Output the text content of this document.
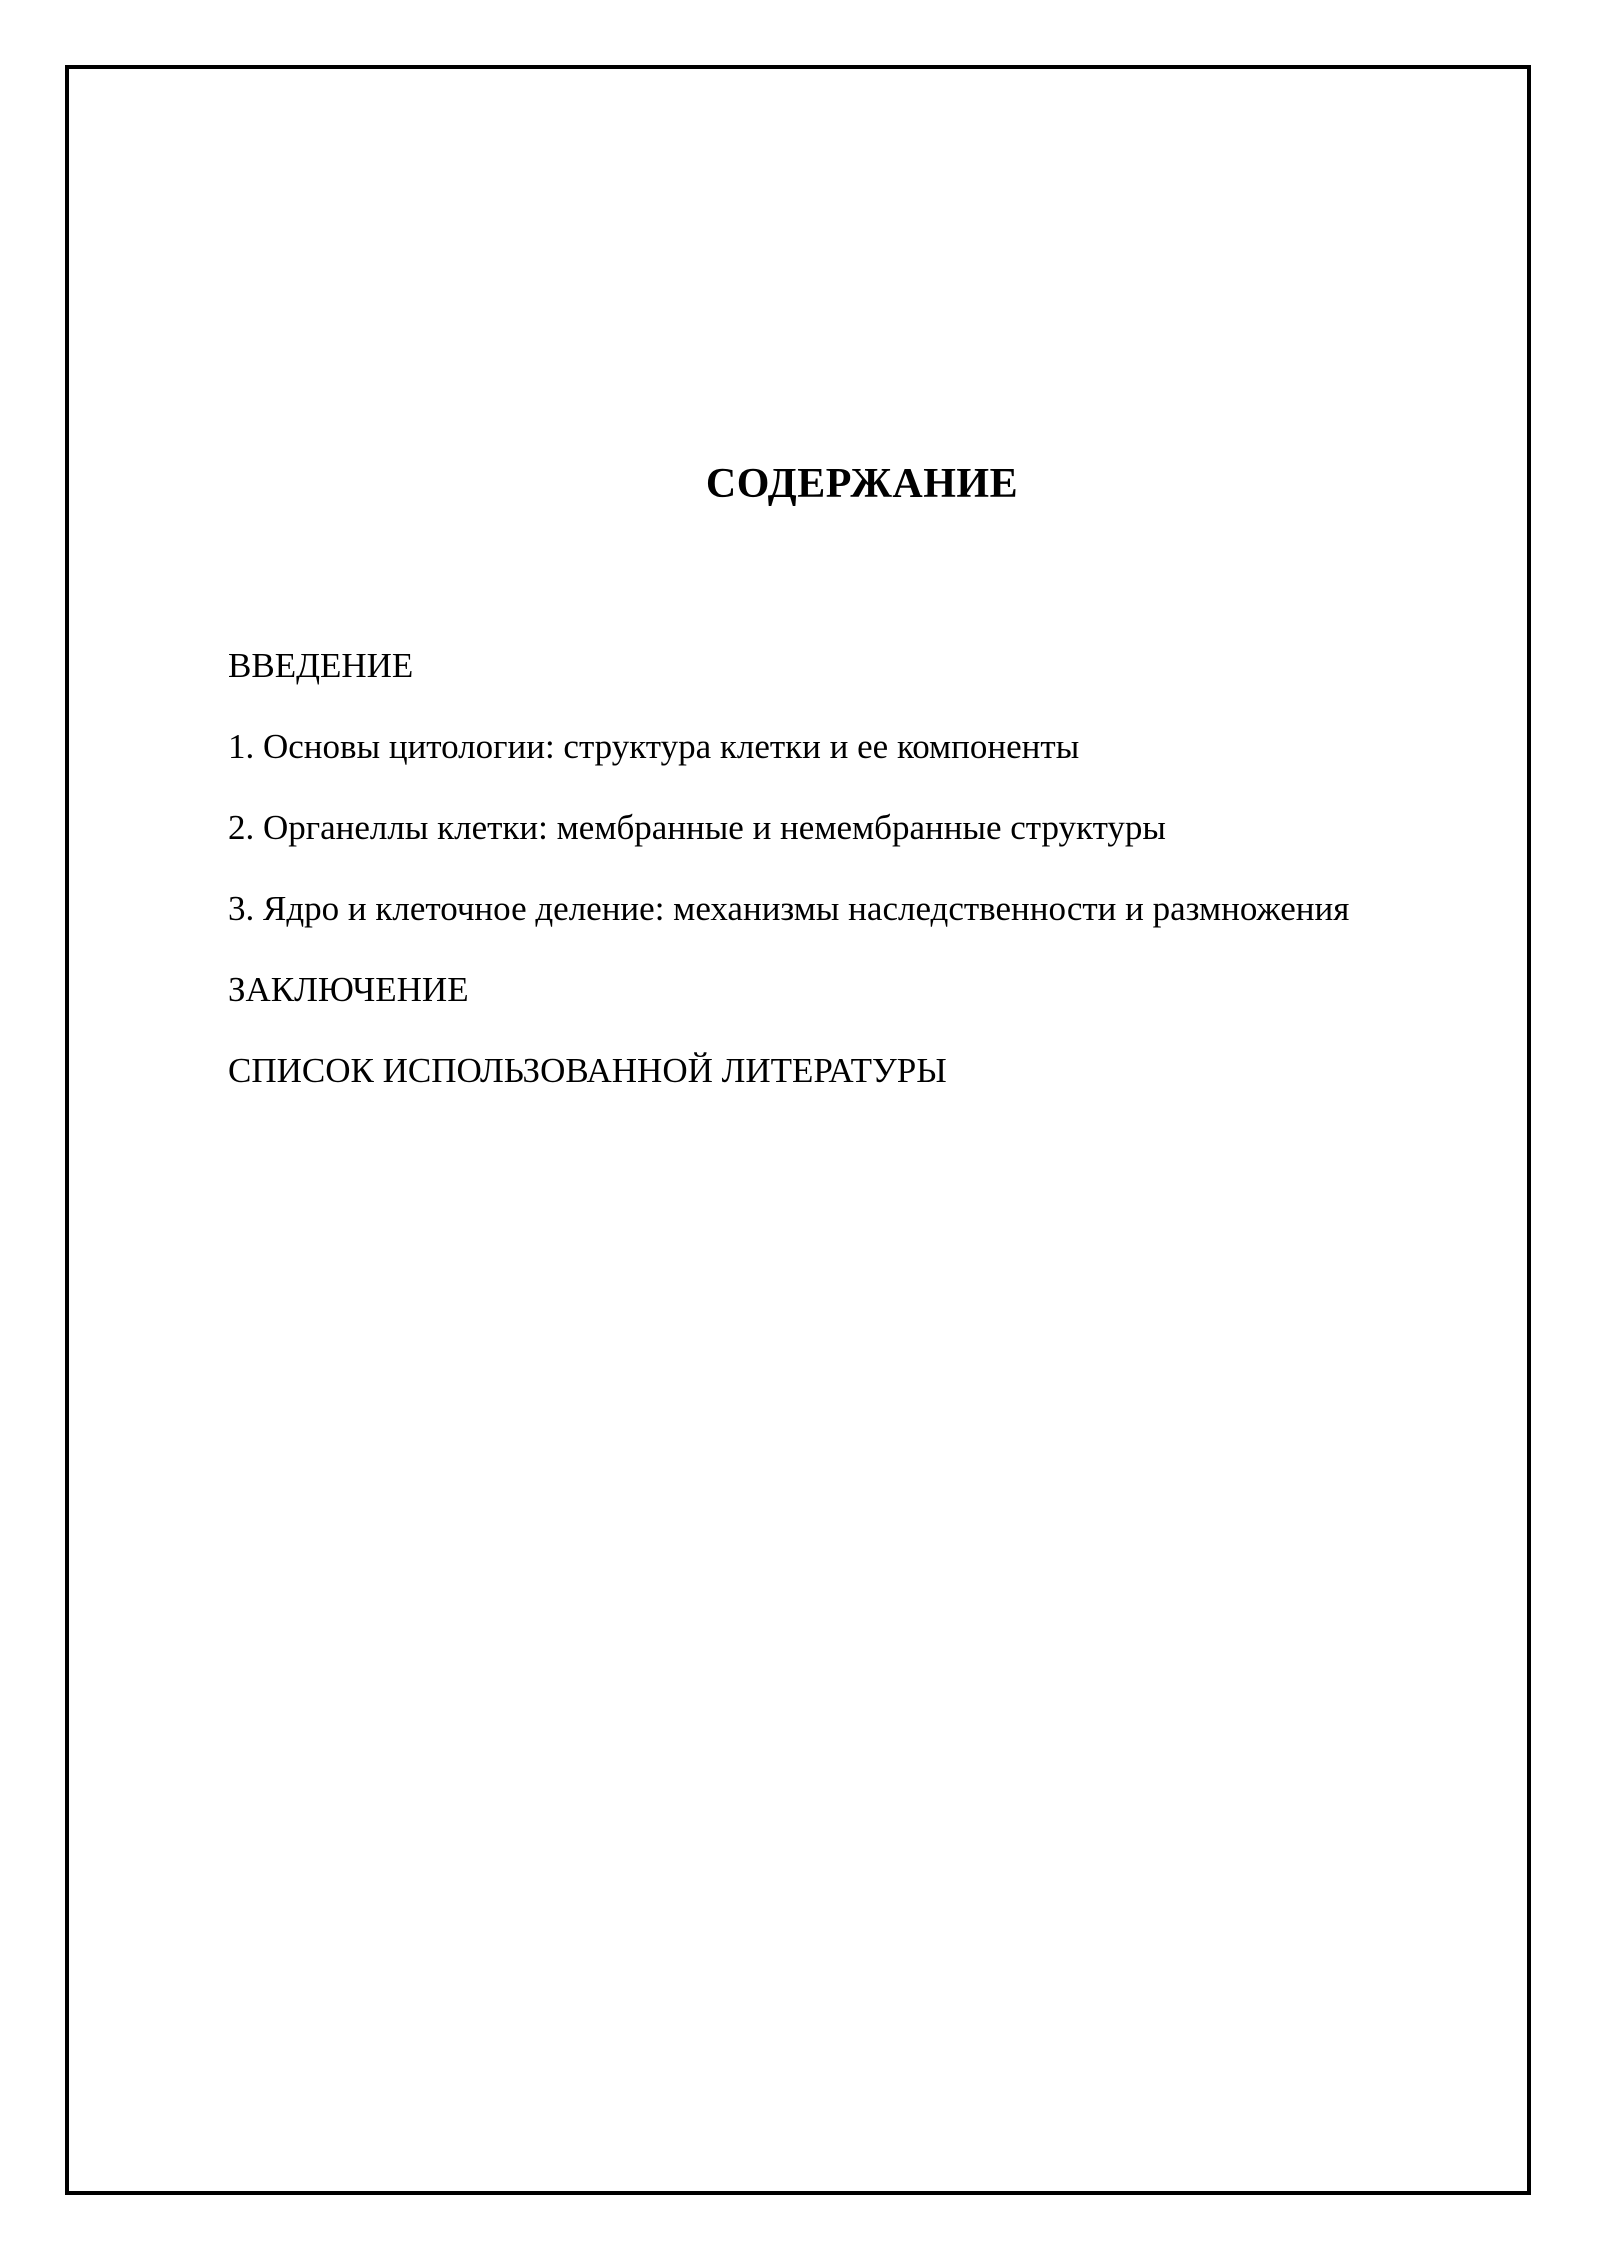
СОДЕРЖАНИЕ
ВВЕДЕНИЕ
1. Основы цитологии: структура клетки и ее компоненты
2. Органеллы клетки: мембранные и немембранные структуры
3. Ядро и клеточное деление: механизмы наследственности и размножения
ЗАКЛЮЧЕНИЕ
СПИСОК ИСПОЛЬЗОВАННОЙ ЛИТЕРАТУРЫ
